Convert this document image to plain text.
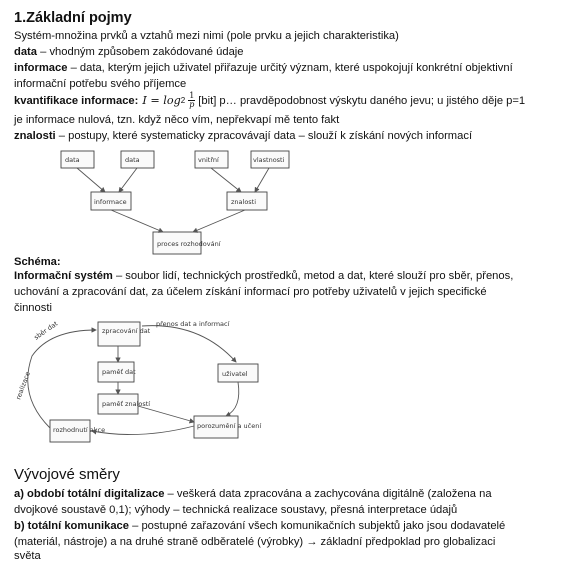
1.Základní pojmy
Systém-množina prvků a vztahů mezi nimi (pole prvku a jejich charakteristika)
data – vhodným způsobem zakódované údaje
informace – data, kterým jejich uživatel přiřazuje určitý význam, které uspokojují konkrétní objektivní
informační potřebu svého příjemce
kvantifikace informace: $I = \log 2 \frac{1}{p} [bit]$ p… pravděpodobnost výskytu daného jevu; u jistého děje p=1
je informace nulová, tzn. když něco vím, nepřekvapí mě tento fakt
znalosti – postupy, které systematicky zpracovávají data – slouží k získání nových informací
data	data	vnitřní	vlastnosti
informace	znalosti
proces rozhodování
Schéma:
Informační systém – soubor lidí, technických prostředků, metod a dat, které slouží pro sběr, přenos,
uchování a zpracování dat, za účelem získání informací pro potřeby uživatelů v jejich specifické
činnosti
zpracování dat
paměť dat
paměť znalostí
uživatel
rozhodnutí akce	porozumění a učení
přenos dat a informací
sběr dat
realizace
Vývojové směry
a) období totální digitalizace – veškerá data zpracována a zachycována digitálně (založena na
dvojkové soustavě 0,1); výhody – technická realizace soustavy, přesná interpretace údajů
b) totální komunikace – postupné zařazování všech komunikačních subjektů jako jsou dodavatelé
(materiál, nástroje) a na druhé straně odběratelé (výrobky) → základní předpoklad pro globalizaci
světa
